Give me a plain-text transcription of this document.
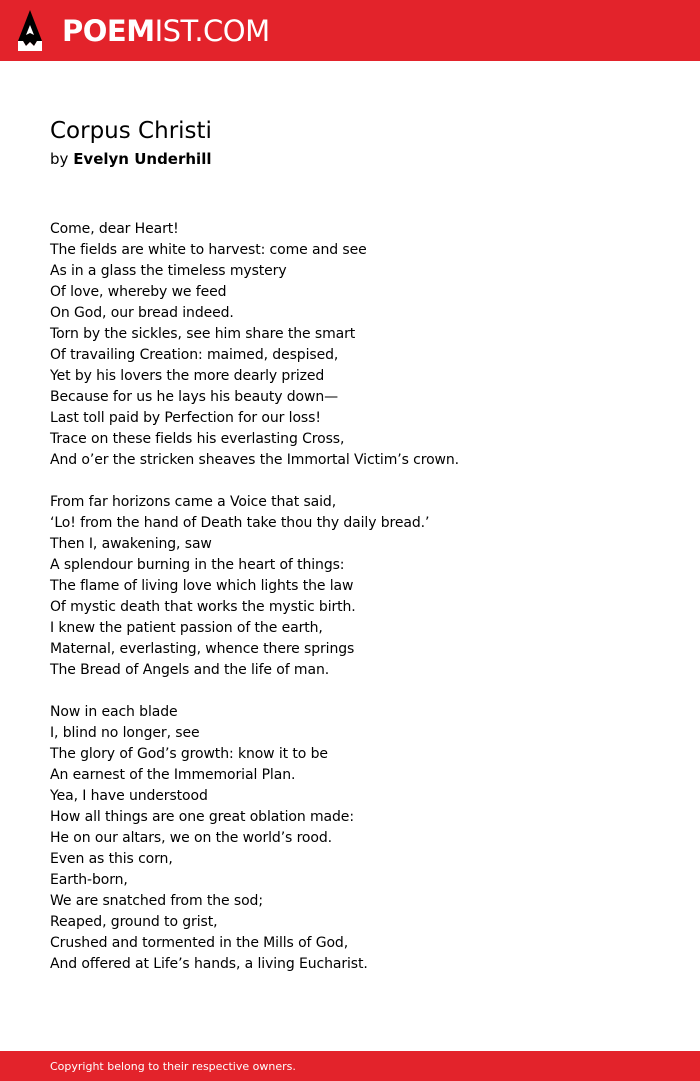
POEMIST.COM
Corpus Christi
by Evelyn Underhill
Come, dear Heart!
The fields are white to harvest: come and see
As in a glass the timeless mystery
Of love, whereby we feed
On God, our bread indeed.
Torn by the sickles, see him share the smart
Of travailing Creation: maimed, despised,
Yet by his lovers the more dearly prized
Because for us he lays his beauty down—
Last toll paid by Perfection for our loss!
Trace on these fields his everlasting Cross,
And o’er the stricken sheaves the Immortal Victim’s crown.
From far horizons came a Voice that said,
‘Lo! from the hand of Death take thou thy daily bread.’
Then I, awakening, saw
A splendour burning in the heart of things:
The flame of living love which lights the law
Of mystic death that works the mystic birth.
I knew the patient passion of the earth,
Maternal, everlasting, whence there springs
The Bread of Angels and the life of man.
Now in each blade
I, blind no longer, see
The glory of God’s growth: know it to be
An earnest of the Immemorial Plan.
Yea, I have understood
How all things are one great oblation made:
He on our altars, we on the world’s rood.
Even as this corn,
Earth-born,
We are snatched from the sod;
Reaped, ground to grist,
Crushed and tormented in the Mills of God,
And offered at Life’s hands, a living Eucharist.
Copyright belong to their respective owners.
